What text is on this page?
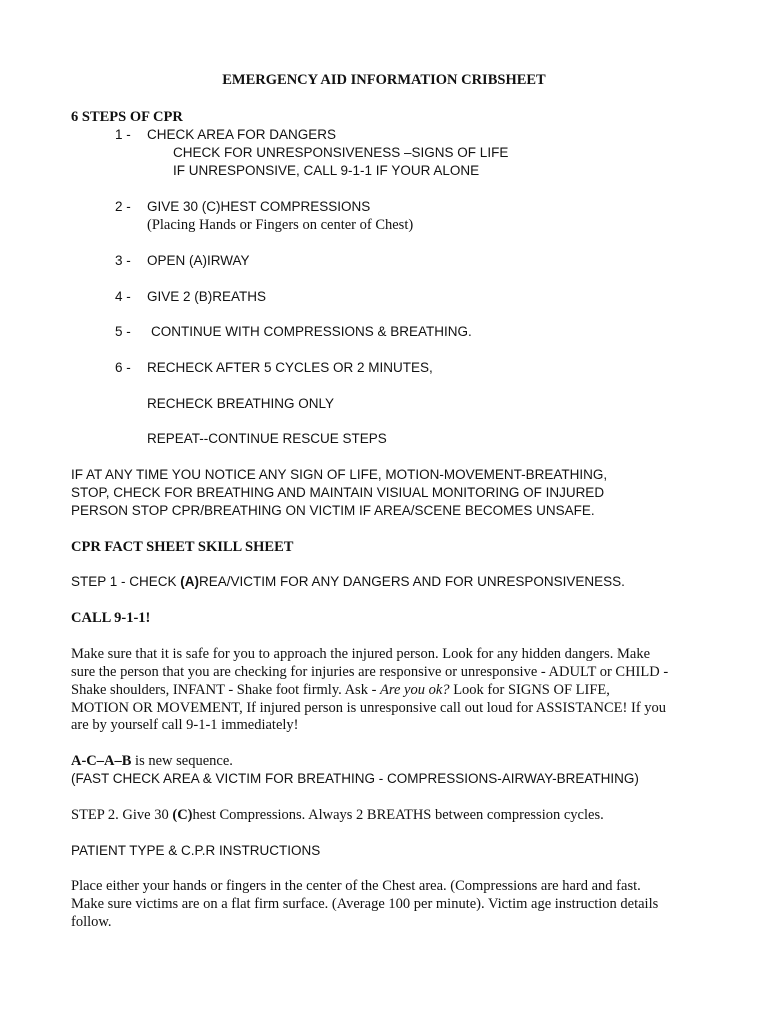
EMERGENCY AID INFORMATION CRIBSHEET
6 STEPS OF CPR
1 - CHECK AREA FOR DANGERS
CHECK FOR UNRESPONSIVENESS –SIGNS OF LIFE
IF UNRESPONSIVE, CALL 9-1-1 IF YOUR ALONE
2 - GIVE 30 (C)HEST COMPRESSIONS
(Placing Hands or Fingers on center of Chest)
3 - OPEN (A)IRWAY
4 - GIVE 2 (B)REATHS
5 - CONTINUE WITH COMPRESSIONS & BREATHING.
6 - RECHECK AFTER 5 CYCLES OR 2 MINUTES,
RECHECK BREATHING ONLY
REPEAT--CONTINUE RESCUE STEPS
IF AT ANY TIME YOU NOTICE ANY SIGN OF LIFE, MOTION-MOVEMENT-BREATHING,
STOP, CHECK FOR BREATHING AND MAINTAIN VISIUAL MONITORING OF INJURED
PERSON STOP CPR/BREATHING ON VICTIM IF AREA/SCENE BECOMES UNSAFE.
CPR FACT SHEET SKILL SHEET
STEP 1 - CHECK (A)REA/VICTIM FOR ANY DANGERS AND FOR UNRESPONSIVENESS.
CALL 9-1-1!
Make sure that it is safe for you to approach the injured person. Look for any hidden dangers. Make
sure the person that you are checking for injuries are responsive or unresponsive - ADULT or CHILD -
Shake shoulders, INFANT - Shake foot firmly. Ask - Are you ok? Look for SIGNS OF LIFE,
MOTION OR MOVEMENT, If injured person is unresponsive call out loud for ASSISTANCE! If you
are by yourself call 9-1-1 immediately!
A-C–A–B is new sequence.
(FAST CHECK AREA & VICTIM FOR BREATHING - COMPRESSIONS-AIRWAY-BREATHING)
STEP 2. Give 30 (C)hest Compressions. Always 2 BREATHS between compression cycles.
PATIENT TYPE & C.P.R INSTRUCTIONS
Place either your hands or fingers in the center of the Chest area. (Compressions are hard and fast.
Make sure victims are on a flat firm surface. (Average 100 per minute). Victim age instruction details
follow.
